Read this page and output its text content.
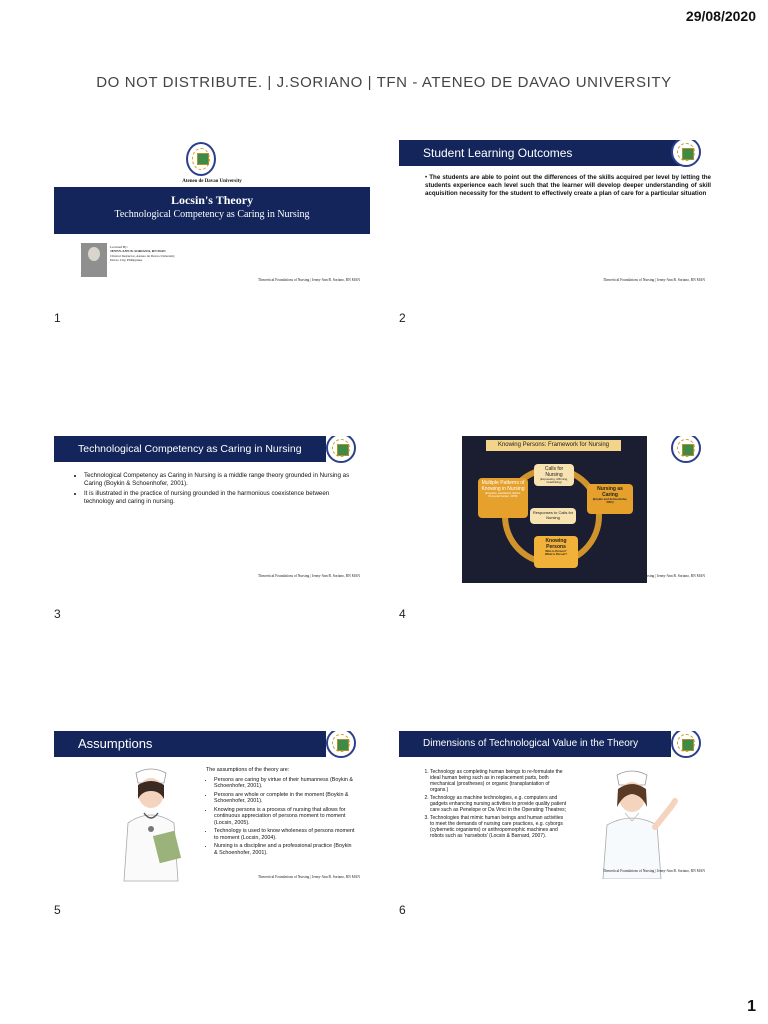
29/08/2020
DO NOT DISTRIBUTE. | J.SORIANO | TFN - ATENEO DE DAVAO UNIVERSITY
Ateneo de Davao University
Locsin's Theory
Technological Competency as Caring in Nursing
Lectured By:
JENNY-ANN B. SORIANO, RN MAN
Clinical Instructor, Ateneo de Davao University
Davao City, Philippines
Theoretical Foundations of Nursing | Jenny-Ann B. Soriano, RN MAN
1
Student Learning Outcomes
• The students are able to point out the differences of the skills acquired per level by letting the students experience each level such that the learner will develop deeper understanding of skill acquisition necessity for the student to effectively create a plan of care for a particular situation
Theoretical Foundations of Nursing | Jenny-Ann B. Soriano, RN MAN
2
Technological Competency as Caring in Nursing
• Technological Competency as Caring in Nursing is a middle range theory grounded in Nursing as Caring (Boykin & Schoenhofer, 2001).
• It is illustrated in the practice of nursing grounded in the harmonious coexistence between technology and caring in nursing.
Theoretical Foundations of Nursing | Jenny-Ann B. Soriano, RN MAN
3
Knowing Persons: Framework for Nursing
Calls for Nursing
(Expressing, Affirming, Celebrating)
Multiple Patterns of Knowing in Nursing
(Empirics, Aesthetics, Ethics, Personal Carper, 1978)
Nursing as Caring
(Boykin and Schoenhofer, 2001)
Responses to Calls for Nursing
Knowing Persons
Who is Person?
What is Person?
Theoretical Foundations of Nursing | Jenny-Ann B. Soriano, RN MAN
4
Assumptions
The assumptions of the theory are:
• Persons are caring by virtue of their humanness (Boykin & Schoenhofer, 2001).
• Persons are whole or complete in the moment (Boykin & Schoenhofer, 2001).
• Knowing persons is a process of nursing that allows for continuous appreciation of persons moment to moment (Locsin, 2005).
• Technology is used to know wholeness of persons moment to moment (Locsin, 2004).
• Nursing is a discipline and a professional practice (Boykin & Schoenhofer, 2001).
Theoretical Foundations of Nursing | Jenny-Ann B. Soriano, RN MAN
5
Dimensions of Technological Value in the Theory
1. Technology as completing human beings to re-formulate the ideal human being such as in replacement parts, both mechanical (prostheses) or organic (transplantation of organs.)
2. Technology as machine technologies, e.g. computers and gadgets enhancing nursing activities to provide quality patient care such as Penelope or Da Vinci in the Operating Theatres;
3. Technologies that mimic human beings and human activities to meet the demands of nursing care practices, e.g. cyborgs (cybernetic organisms) or anthropomorphic machines and robots such as 'nursebots' (Locsin & Barnard, 2007).
Theoretical Foundations of Nursing | Jenny-Ann B. Soriano, RN MAN
6
1
